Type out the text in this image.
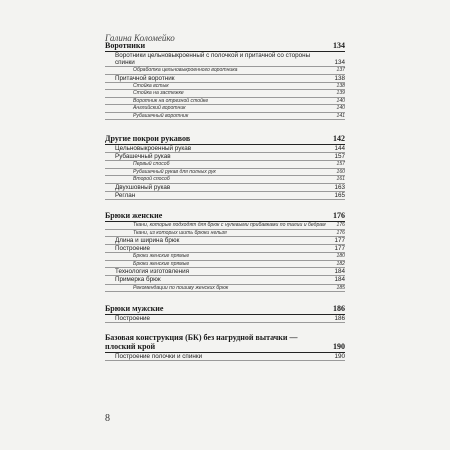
Галина Коломейко
Воротники	134
Воротники цельновыкроенный с полочкой и притачной со стороны спинки	134
Обработка цельновыкроенного воротника	137
Притачной воротник	138
Стойка встык	138
Стойка на застежке	139
Воротник на отрезной стойке	140
Английский воротник	140
Рубашечный воротник	141
Другие покрои рукавов	142
Цельновыкроенный рукав	144
Рубашечный рукав	157
Первый способ	157
Рубашечный рукав для полных рук	160
Второй способ	161
Двухшовный рукав	163
Реглан	165
Брюки женские	176
Ткани, которые подходят для брюк с нулевыми прибавками по талии и бедрам	176
Ткани, из которых шить брюки нельзя	176
Длина и ширина брюк	177
Построение	177
Брюки женские прямые	180
Брюки женские прямые	182
Технология изготовления	184
Примерка брюк	184
Рекомендации по пошиву женских брюк	185
Брюки мужские	186
Построение	186
Базовая конструкция (БК) без нагрудной вытачки — плоский крой	190
Построение полочки и спинки	190
8
